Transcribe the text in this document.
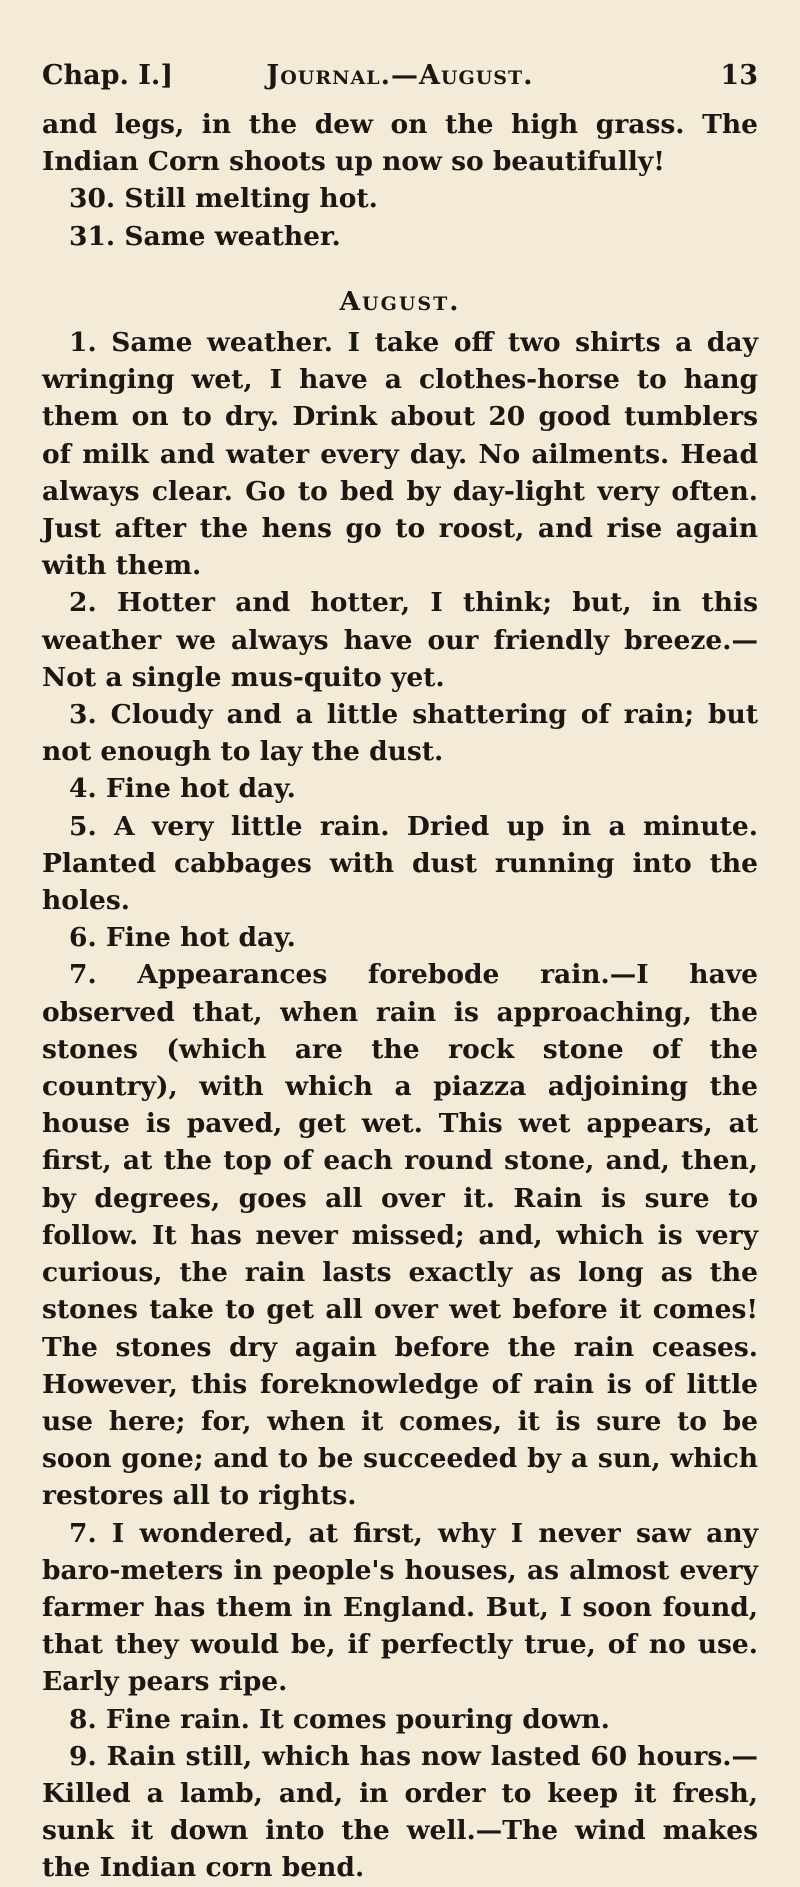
Chap. I.]	Journal.—August.	13

and legs, in the dew on the high grass. The Indian Corn shoots up now so beautifully!

30. Still melting hot.

31. Same weather.

August.

1. Same weather. I take off two shirts a day wringing wet, I have a clothes-horse to hang them on to dry. Drink about 20 good tumblers of milk and water every day. No ailments. Head always clear. Go to bed by day-light very often. Just after the hens go to roost, and rise again with them.

2. Hotter and hotter, I think; but, in this weather we always have our friendly breeze.—Not a single mus-quito yet.

3. Cloudy and a little shattering of rain; but not enough to lay the dust.

4. Fine hot day.

5. A very little rain. Dried up in a minute. Planted cabbages with dust running into the holes.

6. Fine hot day.

7. Appearances forebode rain.—I have observed that, when rain is approaching, the stones (which are the rock stone of the country), with which a piazza adjoining the house is paved, get wet. This wet appears, at first, at the top of each round stone, and, then, by degrees, goes all over it. Rain is sure to follow. It has never missed; and, which is very curious, the rain lasts exactly as long as the stones take to get all over wet before it comes! The stones dry again before the rain ceases. However, this foreknowledge of rain is of little use here; for, when it comes, it is sure to be soon gone; and to be succeeded by a sun, which restores all to rights.

7. I wondered, at first, why I never saw any baro-meters in people's houses, as almost every farmer has them in England. But, I soon found, that they would be, if perfectly true, of no use. Early pears ripe.

8. Fine rain. It comes pouring down.

9. Rain still, which has now lasted 60 hours.—Killed a lamb, and, in order to keep it fresh, sunk it down into the well.—The wind makes the Indian corn bend.
